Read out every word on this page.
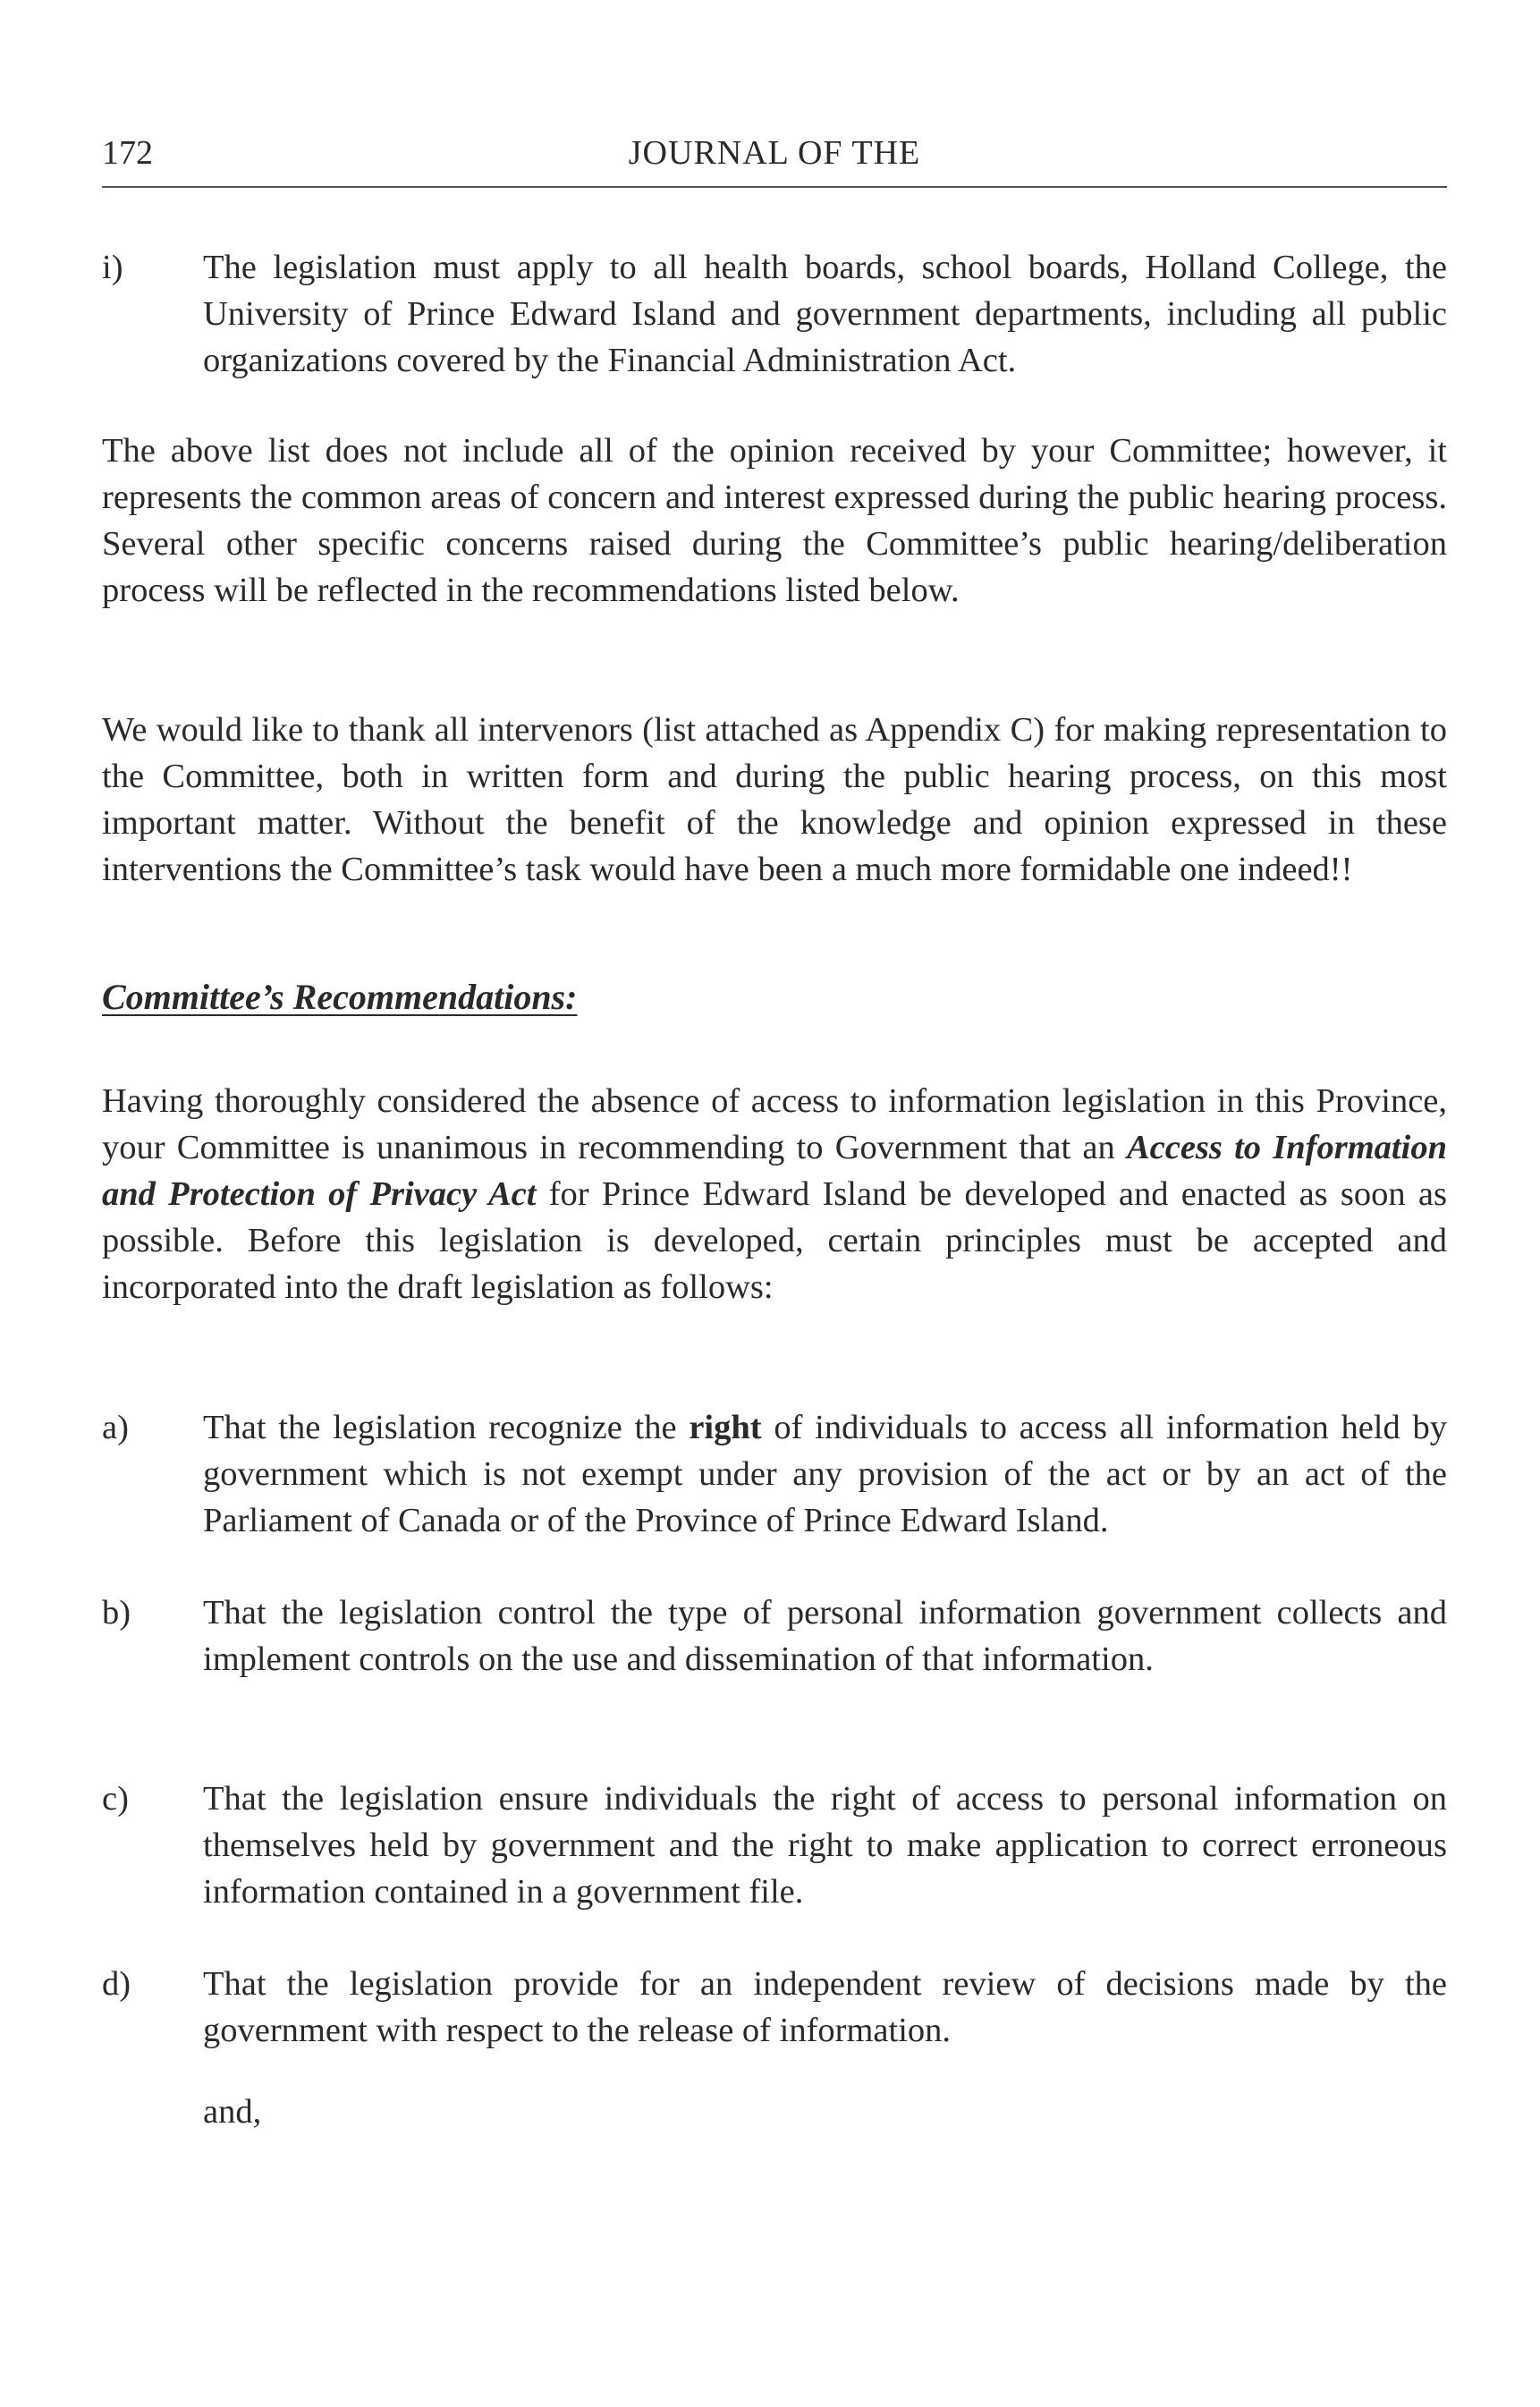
172	JOURNAL OF THE
i) The legislation must apply to all health boards, school boards, Holland College, the University of Prince Edward Island and government departments, including all public organizations covered by the Financial Administration Act.

The above list does not include all of the opinion received by your Committee; however, it represents the common areas of concern and interest expressed during the public hearing process. Several other specific concerns raised during the Committee’s public hearing/deliberation process will be reflected in the recommendations listed below.

We would like to thank all intervenors (list attached as Appendix C) for making representation to the Committee, both in written form and during the public hearing process, on this most important matter. Without the benefit of the knowledge and opinion expressed in these interventions the Committee’s task would have been a much more formidable one indeed!!

Committee’s Recommendations:

Having thoroughly considered the absence of access to information legislation in this Province, your Committee is unanimous in recommending to Government that an Access to Information and Protection of Privacy Act for Prince Edward Island be developed and enacted as soon as possible. Before this legislation is developed, certain principles must be accepted and incorporated into the draft legislation as follows:

a) That the legislation recognize the right of individuals to access all information held by government which is not exempt under any provision of the act or by an act of the Parliament of Canada or of the Province of Prince Edward Island.

b) That the legislation control the type of personal information government collects and implement controls on the use and dissemination of that information.

c) That the legislation ensure individuals the right of access to personal information on themselves held by government and the right to make application to correct erroneous information contained in a government file.

d) That the legislation provide for an independent review of decisions made by the government with respect to the release of information.

and,
